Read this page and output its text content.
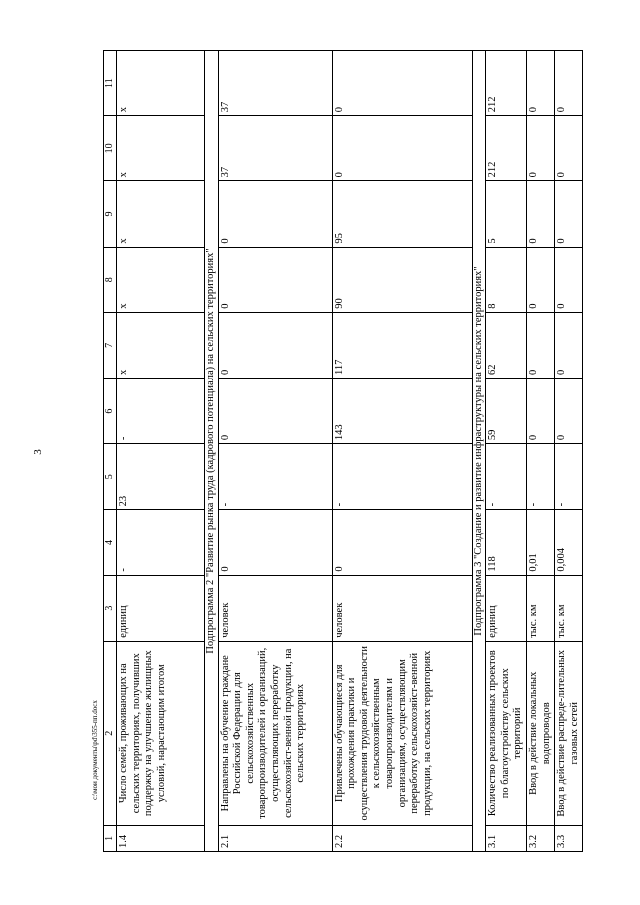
3
1	2	3	4	5	6	7	8	9	10	11
1.4	Число семей, проживающих на сельских территориях, получивших поддержку на улучшение жилищных условий, нарастающим итогом	единиц	-	23	-	х	х	х	х	х
Подпрограмма 2 "Развитие рынка труда (кадрового потенциала) на сельских территориях"										
2.1	Направлены на обучение граждане Российской Федерации для сельскохозяйственных товаропроизводителей и организаций, осуществляющих переработку сельскохозяйст-венной продукции, на сельских территориях	человек	0	-	0	0	0	0	37	37
2.2	Привлечены обучающиеся для прохождения практики и осуществления трудовой деятельности к сельскохозяйственным товаропроизводителям и организациям, осуществляющим переработку сельскохозяйст-венной продукции, на сельских территориях	человек	0	-	143	117	90	95	0	0
Подпрограмма 3 "Создание и развитие инфраструктуры на сельских территориях"										
3.1	Количество реализованных проектов по благоустройству сельских территорий	единиц	118	-	59	62	8	5	212	212
3.2	Ввод в действие локальных водопроводов	тыс. км	0,01	-	0	0	0	0	0	0
3.3	Ввод в действие распреде-лительных газовых сетей	тыс. км	0,004	-	0	0	0	0	0	0
c:\мои документы\pd\355-пп.docx
